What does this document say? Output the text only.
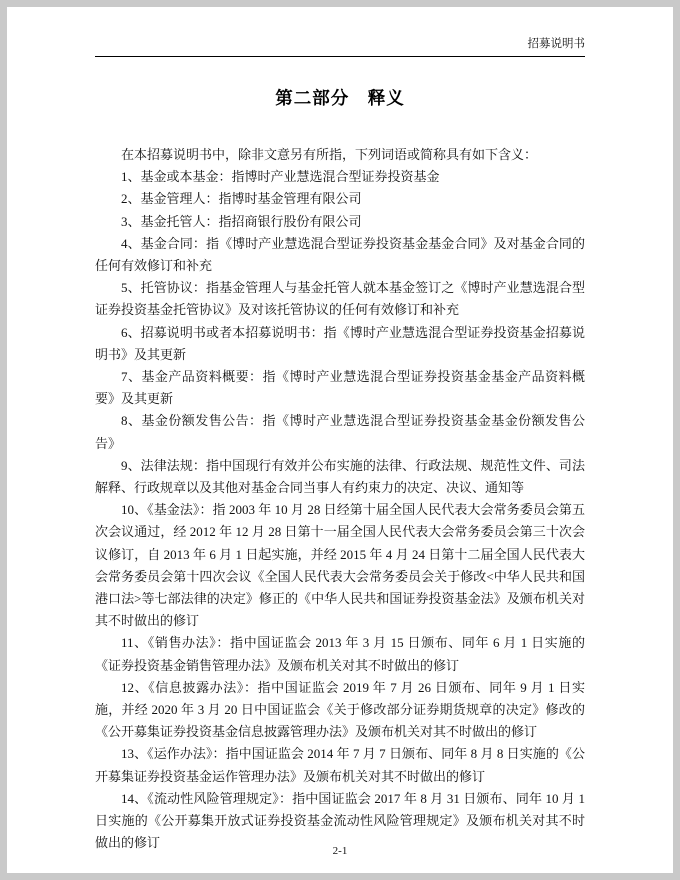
招募说明书
第二部分　释义

在本招募说明书中，除非文意另有所指，下列词语或简称具有如下含义：

1、基金或本基金：指博时产业慧选混合型证券投资基金

2、基金管理人：指博时基金管理有限公司

3、基金托管人：指招商银行股份有限公司

4、基金合同：指《博时产业慧选混合型证券投资基金基金合同》及对基金合同的任何有效修订和补充

5、托管协议：指基金管理人与基金托管人就本基金签订之《博时产业慧选混合型证券投资基金托管协议》及对该托管协议的任何有效修订和补充

6、招募说明书或者本招募说明书：指《博时产业慧选混合型证券投资基金招募说明书》及其更新

7、基金产品资料概要：指《博时产业慧选混合型证券投资基金基金产品资料概要》及其更新

8、基金份额发售公告：指《博时产业慧选混合型证券投资基金基金份额发售公告》

9、法律法规：指中国现行有效并公布实施的法律、行政法规、规范性文件、司法解释、行政规章以及其他对基金合同当事人有约束力的决定、决议、通知等

10、《基金法》：指 2003 年 10 月 28 日经第十届全国人民代表大会常务委员会第五次会议通过，经 2012 年 12 月 28 日第十一届全国人民代表大会常务委员会第三十次会议修订，自 2013 年 6 月 1 日起实施，并经 2015 年 4 月 24 日第十二届全国人民代表大会常务委员会第十四次会议《全国人民代表大会常务委员会关于修改<中华人民共和国港口法>等七部法律的决定》修正的《中华人民共和国证券投资基金法》及颁布机关对其不时做出的修订

11、《销售办法》：指中国证监会 2013 年 3 月 15 日颁布、同年 6 月 1 日实施的《证券投资基金销售管理办法》及颁布机关对其不时做出的修订

12、《信息披露办法》：指中国证监会 2019 年 7 月 26 日颁布、同年 9 月 1 日实施，并经 2020 年 3 月 20 日中国证监会《关于修改部分证券期货规章的决定》修改的《公开募集证券投资基金信息披露管理办法》及颁布机关对其不时做出的修订

13、《运作办法》：指中国证监会 2014 年 7 月 7 日颁布、同年 8 月 8 日实施的《公开募集证券投资基金运作管理办法》及颁布机关对其不时做出的修订

14、《流动性风险管理规定》：指中国证监会 2017 年 8 月 31 日颁布、同年 10 月 1 日实施的《公开募集开放式证券投资基金流动性风险管理规定》及颁布机关对其不时做出的修订

2-1
